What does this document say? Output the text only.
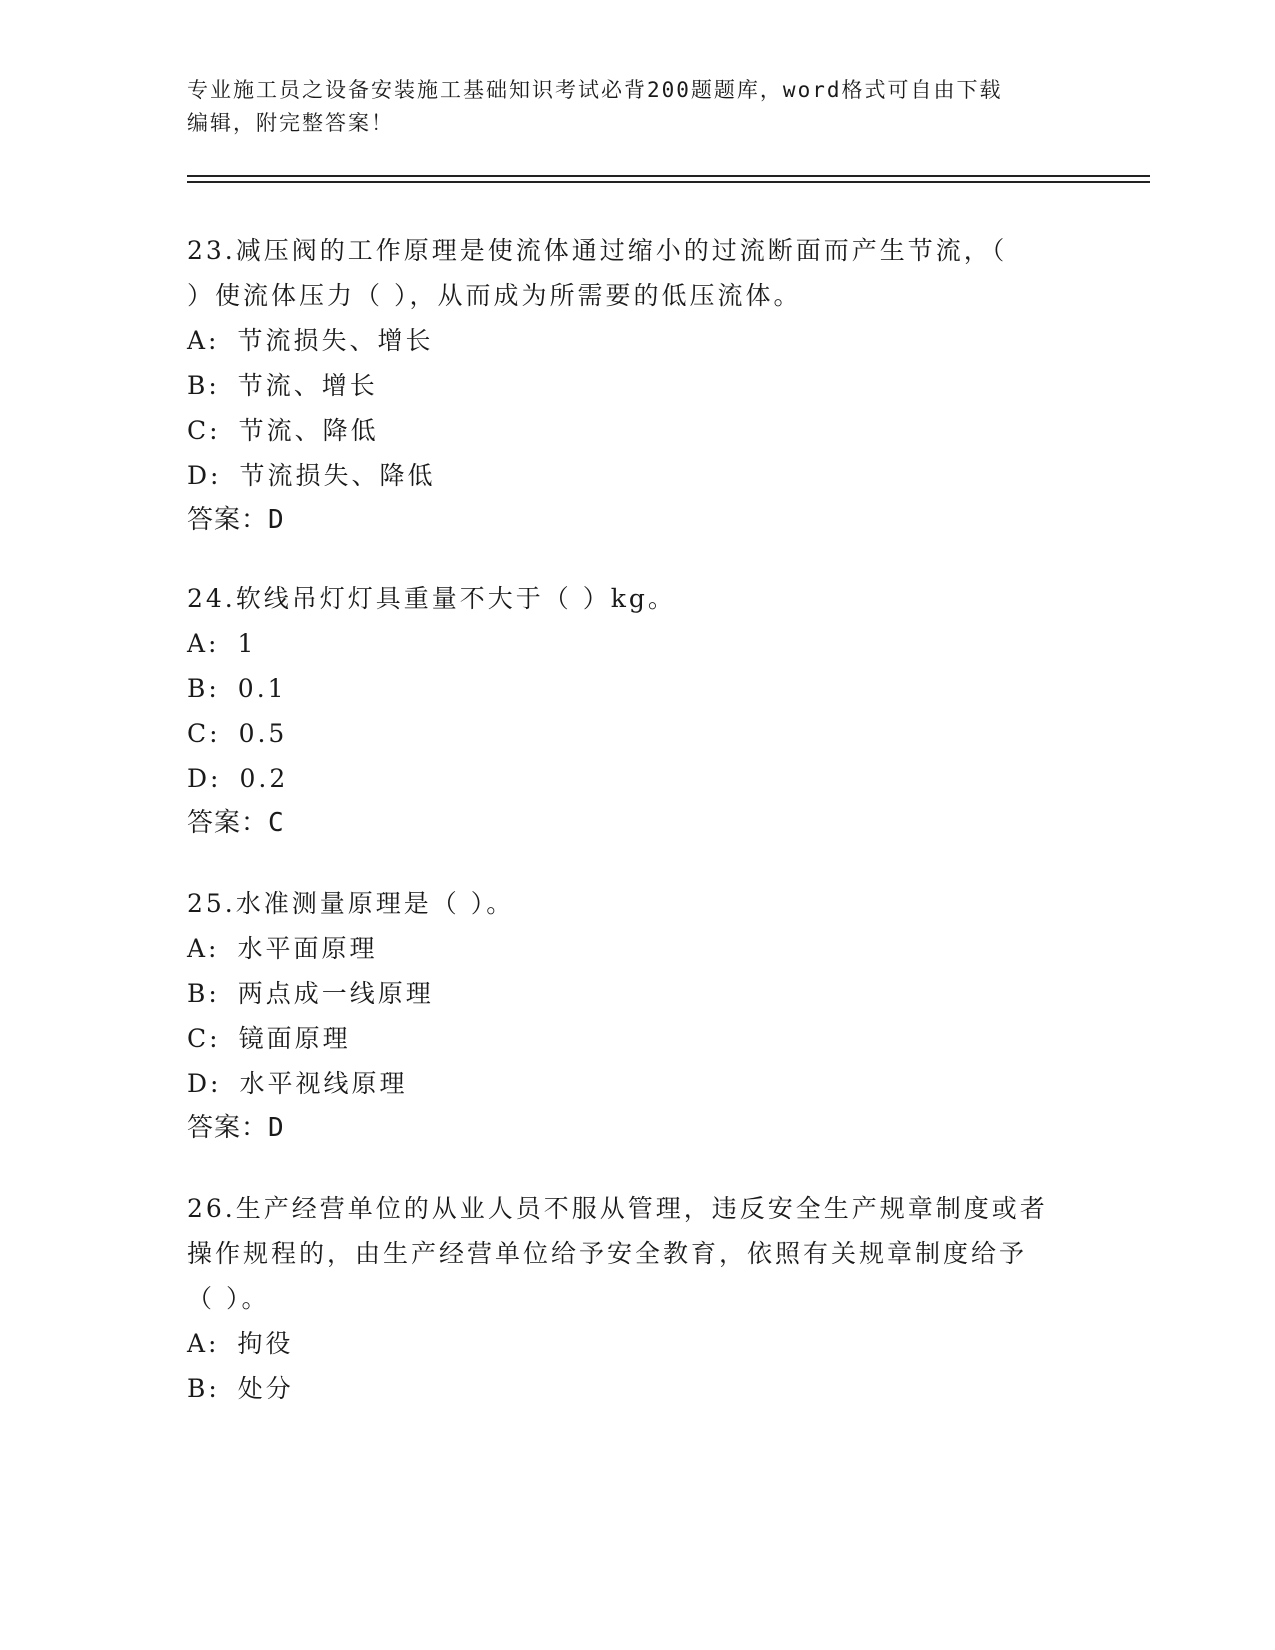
专业施工员之设备安装施工基础知识考试必背200题题库，word格式可自由下载
编辑，附完整答案！
23.减压阀的工作原理是使流体通过缩小的过流断面而产生节流，（
）使流体压力（ ），从而成为所需要的低压流体。
A: 节流损失、增长
B: 节流、增长
C: 节流、降低
D: 节流损失、降低
答案：D
24.软线吊灯灯具重量不大于（ ）kg。
A: 1
B: 0.1
C: 0.5
D: 0.2
答案：C
25.水准测量原理是（ ）。
A: 水平面原理
B: 两点成一线原理
C: 镜面原理
D: 水平视线原理
答案：D
26.生产经营单位的从业人员不服从管理，违反安全生产规章制度或者
操作规程的，由生产经营单位给予安全教育，依照有关规章制度给予
（ ）。
A: 拘役
B: 处分
